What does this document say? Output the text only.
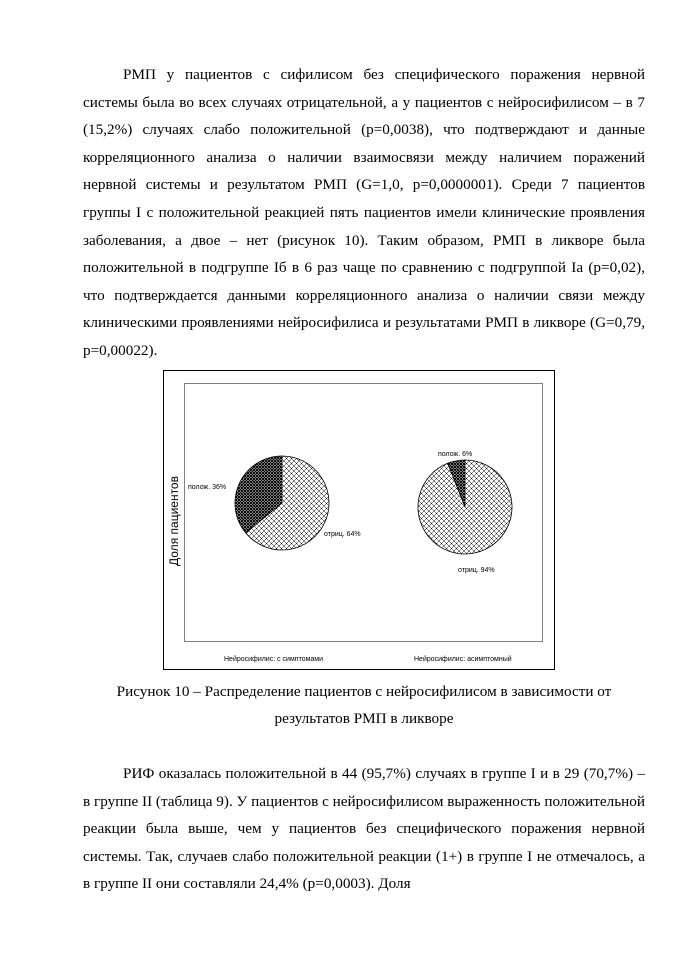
РМП у пациентов с сифилисом без специфического поражения нервной системы была во всех случаях отрицательной, а у пациентов с нейросифилисом – в 7 (15,2%) случаях слабо положительной (p=0,0038), что подтверждают и данные корреляционного анализа о наличии взаимосвязи между наличием поражений нервной системы и результатом РМП (G=1,0, p=0,0000001). Среди 7 пациентов группы I с положительной реакцией пять пациентов имели клинические проявления заболевания, а двое – нет (рисунок 10). Таким образом, РМП в ликворе была положительной в подгруппе Iб в 6 раз чаще по сравнению с подгруппой Ia (p=0,02), что подтверждается данными корреляционного анализа о наличии связи между клиническими проявлениями нейросифилиса и результатами РМП в ликворе (G=0,79, p=0,00022).

Доля пациентов полож. 36%
отриц. 64%
полож. 6%
отриц. 94%
Нейросифилис: с симптомами	Нейросифилис: асимптомный

Рисунок 10 – Распределение пациентов с нейросифилисом в зависимости от

результатов РМП в ликворе

РИФ оказалась положительной в 44 (95,7%) случаях в группе I и в 29 (70,7%) – в группе II (таблица 9). У пациентов с нейросифилисом выраженность положительной реакции была выше, чем у пациентов без специфического поражения нервной системы. Так, случаев слабо положительной реакции (1+) в группе I не отмечалось, а в группе II они составляли 24,4% (p=0,0003). Доля
